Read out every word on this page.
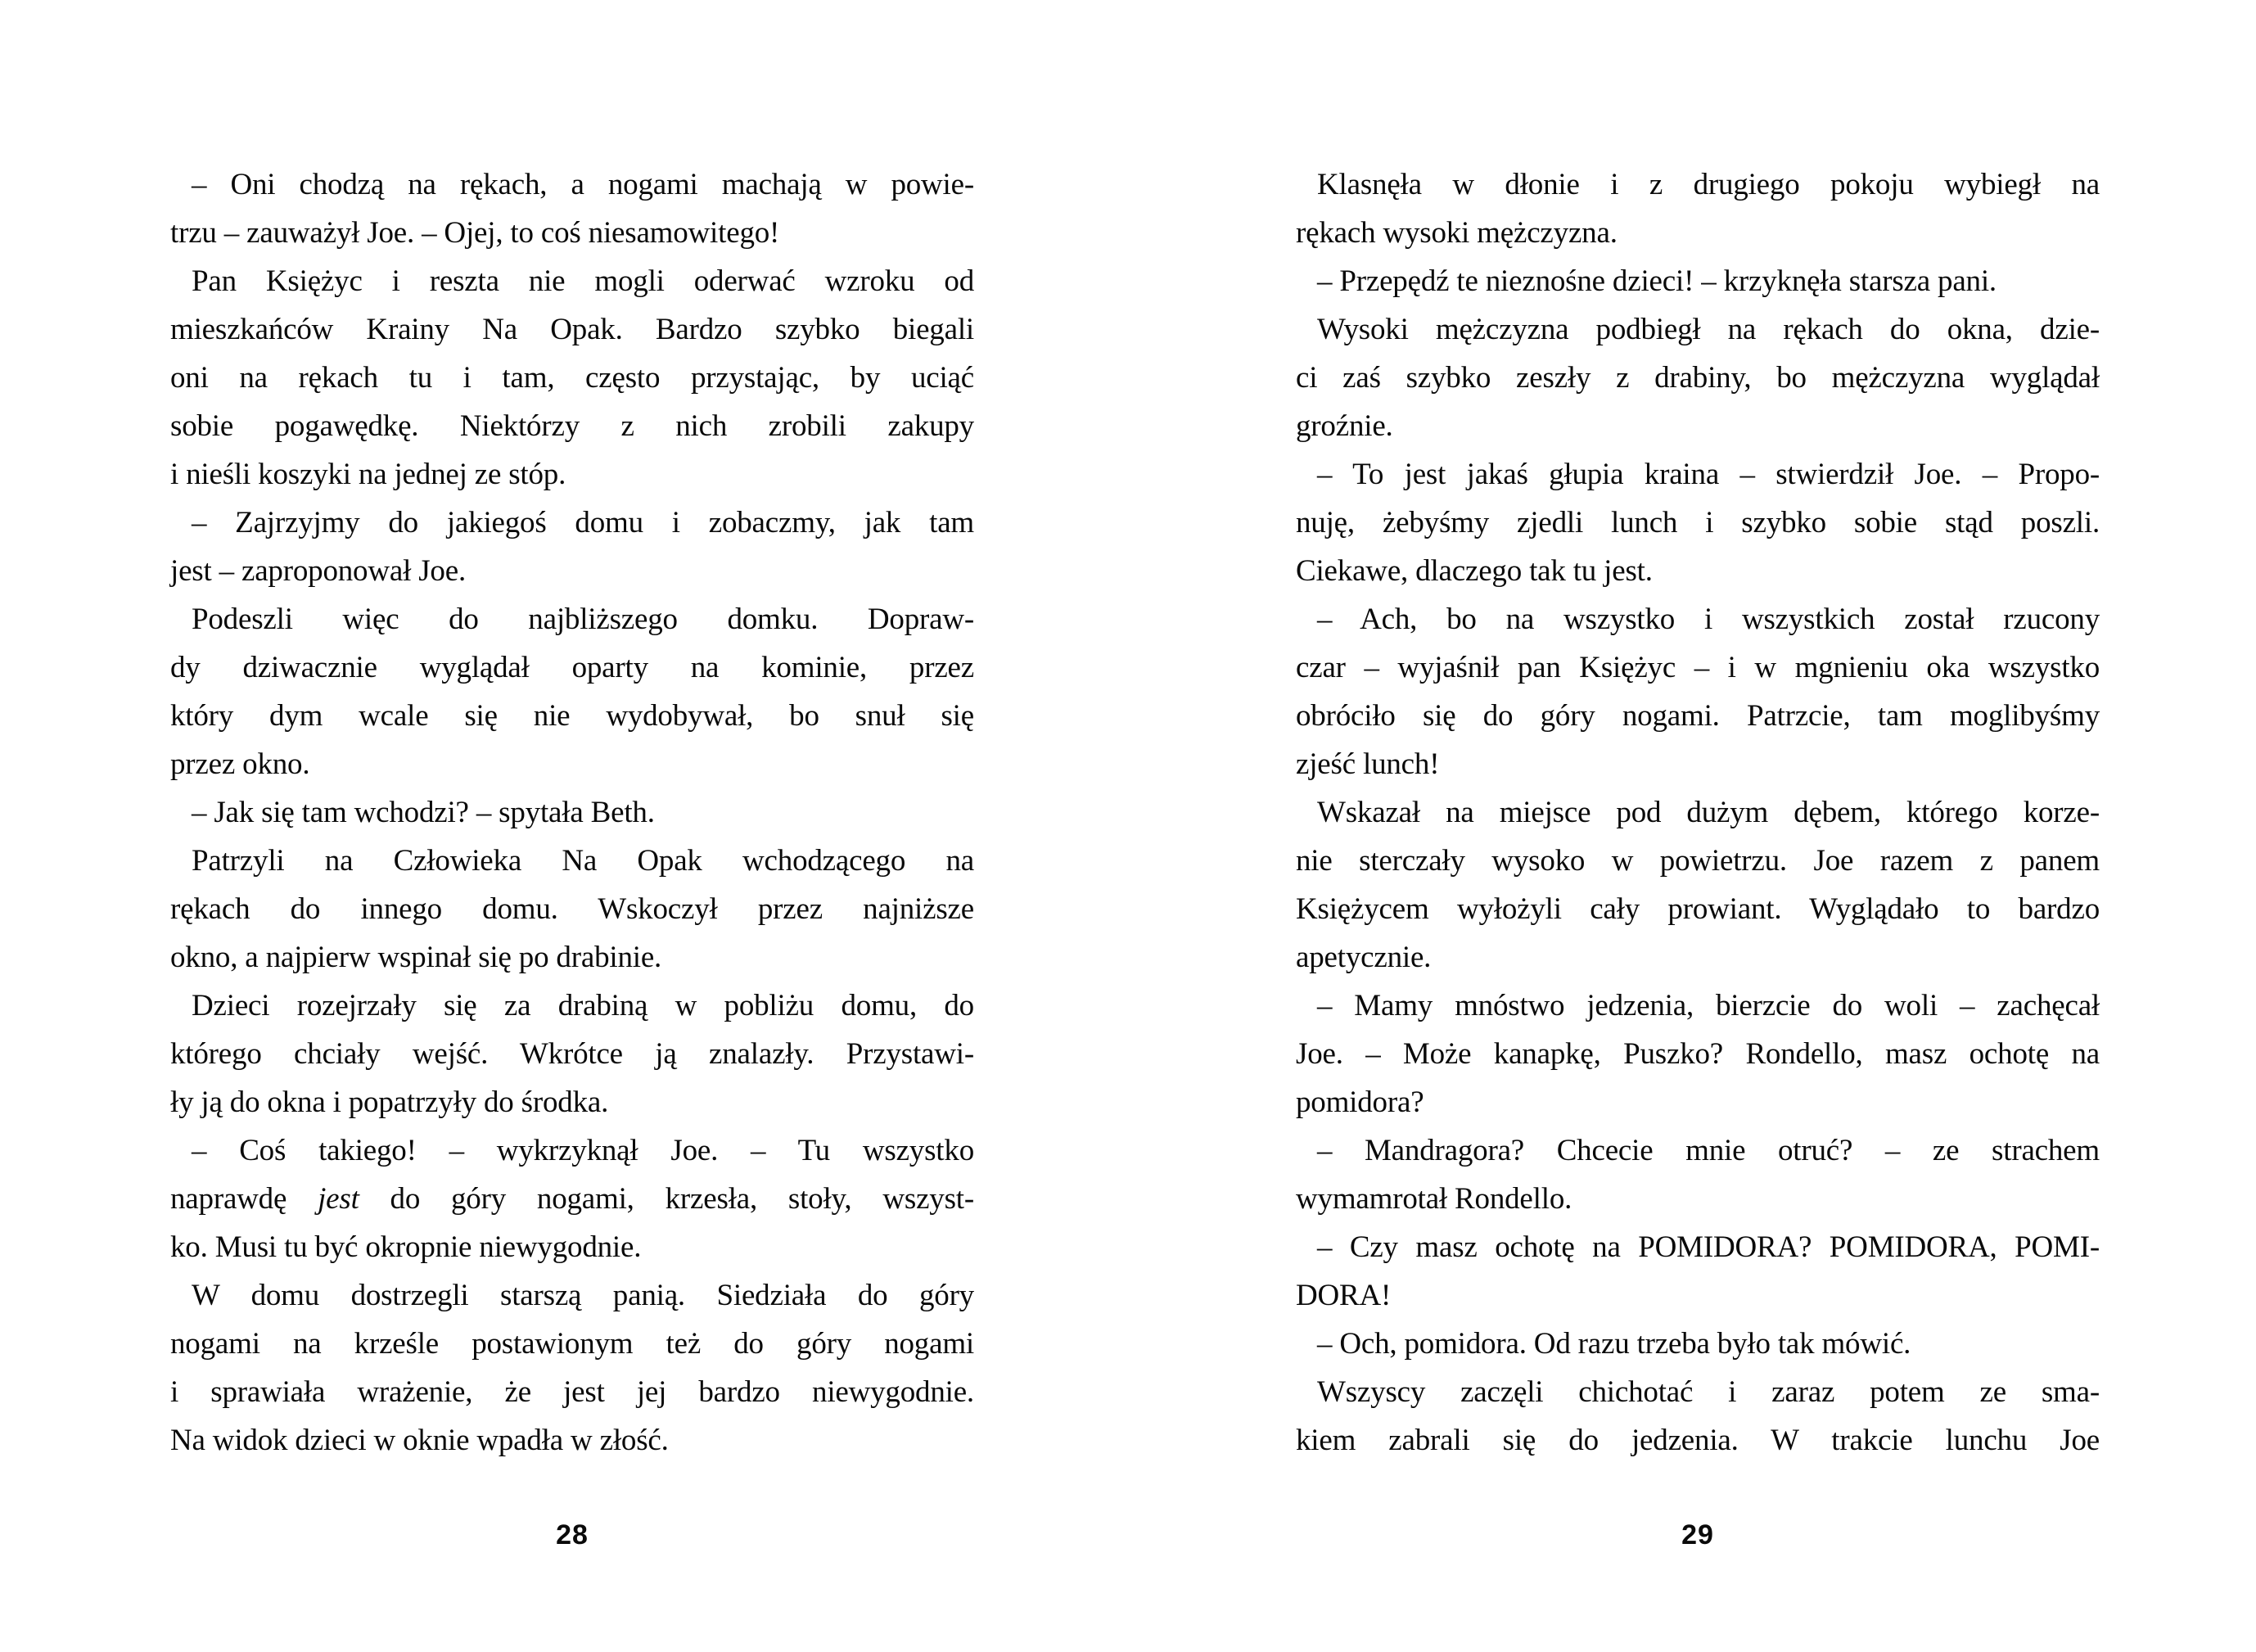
– Oni chodzą na rękach, a nogami machają w powie-
trzu – zauważył Joe. – Ojej, to coś niesamowitego!
Pan Księżyc i reszta nie mogli oderwać wzroku od
mieszkańców Krainy Na Opak. Bardzo szybko biegali
oni na rękach tu i tam, często przystając, by uciąć
sobie pogawędkę. Niektórzy z nich zrobili zakupy
i nieśli koszyki na jednej ze stóp.
– Zajrzyjmy do jakiegoś domu i zobaczmy, jak tam
jest – zaproponował Joe.
Podeszli więc do najbliższego domku. Dopraw-
dy dziwacznie wyglądał oparty na kominie, przez
który dym wcale się nie wydobywał, bo snuł się
przez okno.
– Jak się tam wchodzi? – spytała Beth.
Patrzyli na Człowieka Na Opak wchodzącego na
rękach do innego domu. Wskoczył przez najniższe
okno, a najpierw wspinał się po drabinie.
Dzieci rozejrzały się za drabiną w pobliżu domu, do
którego chciały wejść. Wkrótce ją znalazły. Przystawi-
ły ją do okna i popatrzyły do środka.
– Coś takiego! – wykrzyknął Joe. – Tu wszystko
naprawdę jest do góry nogami, krzesła, stoły, wszyst-
ko. Musi tu być okropnie niewygodnie.
W domu dostrzegli starszą panią. Siedziała do góry
nogami na krześle postawionym też do góry nogami
i sprawiała wrażenie, że jest jej bardzo niewygodnie.
Na widok dzieci w oknie wpadła w złość.
28
Klasnęła w dłonie i z drugiego pokoju wybiegł na
rękach wysoki mężczyzna.
– Przepędź te nieznośne dzieci! – krzyknęła starsza pani.
Wysoki mężczyzna podbiegł na rękach do okna, dzie-
ci zaś szybko zeszły z drabiny, bo mężczyzna wyglądał
groźnie.
– To jest jakaś głupia kraina – stwierdził Joe. – Propo-
nuję, żebyśmy zjedli lunch i szybko sobie stąd poszli.
Ciekawe, dlaczego tak tu jest.
– Ach, bo na wszystko i wszystkich został rzucony
czar – wyjaśnił pan Księżyc – i w mgnieniu oka wszystko
obróciło się do góry nogami. Patrzcie, tam moglibyśmy
zjeść lunch!
Wskazał na miejsce pod dużym dębem, którego korze-
nie sterczały wysoko w powietrzu. Joe razem z panem
Księżycem wyłożyli cały prowiant. Wyglądało to bardzo
apetycznie.
– Mamy mnóstwo jedzenia, bierzcie do woli – zachęcał
Joe. – Może kanapkę, Puszko? Rondello, masz ochotę na
pomidora?
– Mandragora? Chcecie mnie otruć? – ze strachem
wymamrotał Rondello.
– Czy masz ochotę na POMIDORA? POMIDORA, POMI-
DORA!
– Och, pomidora. Od razu trzeba było tak mówić.
Wszyscy zaczęli chichotać i zaraz potem ze sma-
kiem zabrali się do jedzenia. W trakcie lunchu Joe
29
